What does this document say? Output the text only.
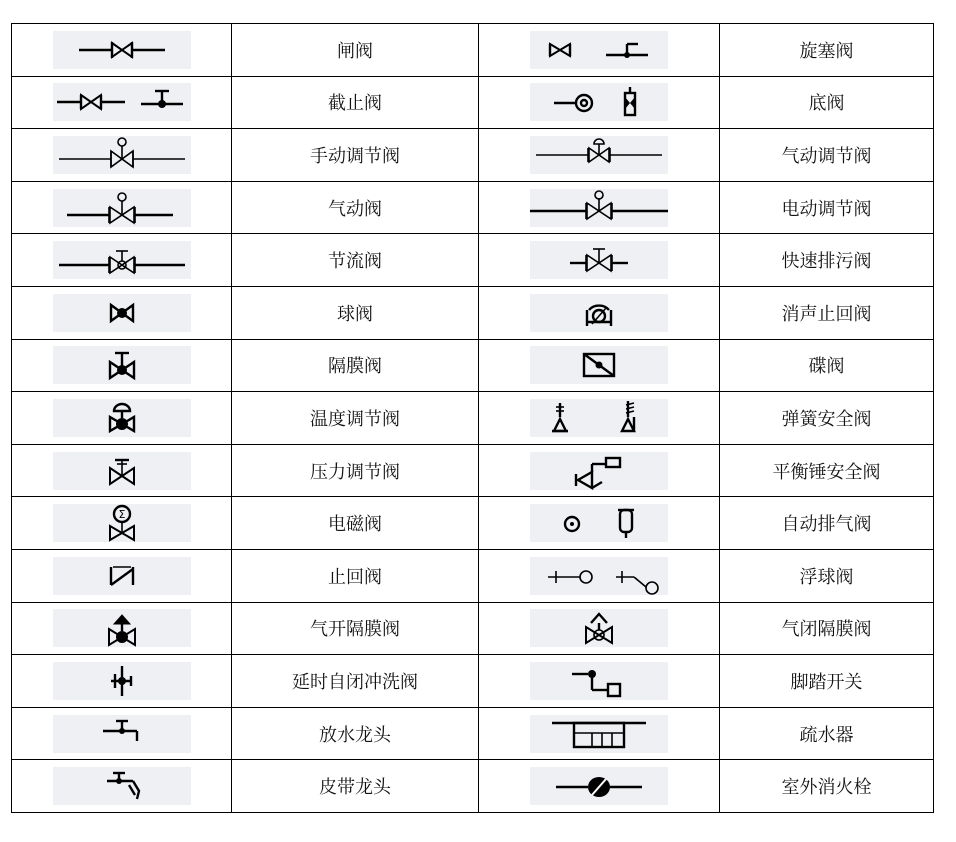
	闸阀		旋塞阀

	截止阀		底阀

	手动调节阀		气动调节阀

	气动阀		电动调节阀

	节流阀		快速排污阀

	球阀		消声止回阀

	隔膜阀		碟阀

	温度调节阀		弹簧安全阀

	压力调节阀		平衡锤安全阀

Σ	电磁阀		自动排气阀

	止回阀		浮球阀

	气开隔膜阀		气闭隔膜阀

	延时自闭冲洗阀		脚踏开关

	放水龙头		疏水器

	皮带龙头		室外消火栓
